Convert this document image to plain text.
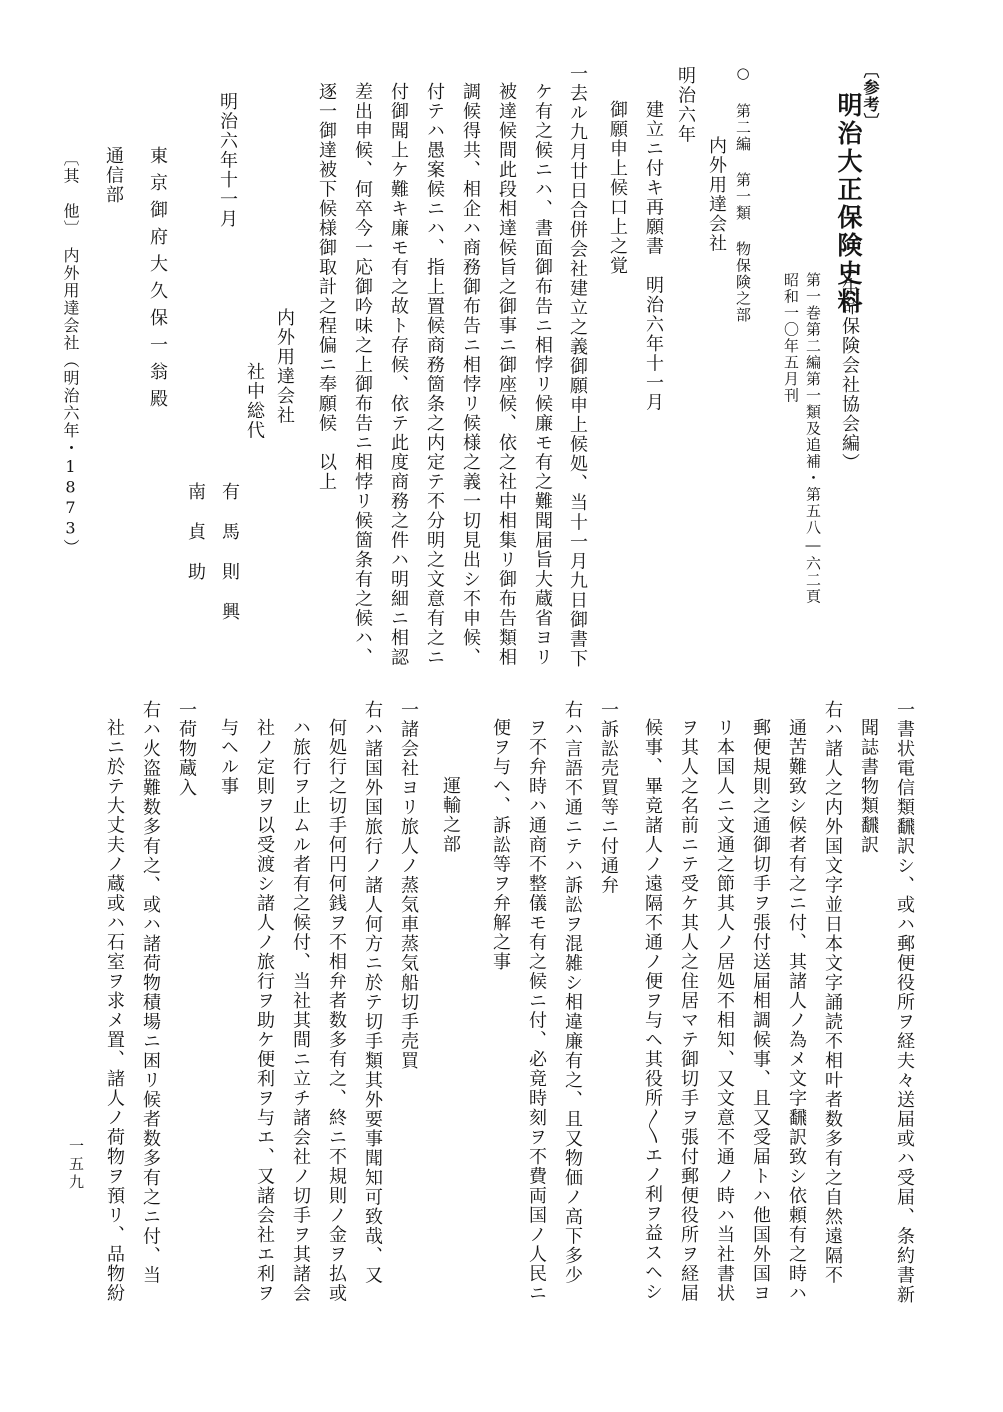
〔参考〕
明治大正保険史料
（生命保険会社協会編）
第一巻第二編第一類及追補・第五八―六二頁
昭和一〇年五月刊
○ 第二編 第一類 物保険之部
内外用達会社
明治六年
建立ニ付キ再願書　明治六年十一月
御願申上候口上之覚
一去ル九月廿日合併会社建立之義御願申上候処、当十一月九日御書下
ケ有之候ニハ、書面御布告ニ相悖リ候廉モ有之難聞届旨大蔵省ヨリ
被達候間此段相達候旨之御事ニ御座候、依之社中相集リ御布告類相
調候得共、相企ハ商務御布告ニ相悖リ候様之義一切見出シ不申候、
付テハ愚案候ニハ、指上置候商務箇条之内定テ不分明之文意有之ニ
付御聞上ケ難キ廉モ有之故ト存候、依テ此度商務之件ハ明細ニ相認
差出申候、何卒今一応御吟味之上御布告ニ相悖リ候箇条有之候ハ、
逐一御達被下候様御取計之程偏ニ奉願候　以上
内外用達会社
社中総代
有馬則興
南貞助
明治六年十一月
東京御府大久保一翁殿
通信部
〔其　他〕　内外用達会社（明治六年・1873）
一書状電信類飜訳シ、或ハ郵便役所ヲ経夫々送届或ハ受届、条約書新
聞誌書物類飜訳
右ハ諸人之内外国文字並日本文字誦読不相叶者数多有之自然遠隔不
通苦難致シ候者有之ニ付、其諸人ノ為メ文字飜訳致シ依頼有之時ハ
郵便規則之通御切手ヲ張付送届相調候事、且又受届トハ他国外国ヨ
リ本国人ニ文通之節其人ノ居処不相知、又文意不通ノ時ハ当社書状
ヲ其人之名前ニテ受ケ其人之住居マテ御切手ヲ張付郵便役所ヲ経届
候事、畢竟諸人ノ遠隔不通ノ便ヲ与ヘ其役所〳〵エノ利ヲ益スヘシ
一訴訟売買等ニ付通弁
右ハ言語不通ニテハ訴訟ヲ混雑シ相違廉有之、且又物価ノ高下多少
ヲ不弁時ハ通商不整儀モ有之候ニ付、必竟時刻ヲ不費両国ノ人民ニ
便ヲ与ヘ、訴訟等ヲ弁解之事
運輸之部
一諸会社ヨリ旅人ノ蒸気車蒸気船切手売買
右ハ諸国外国旅行ノ諸人何方ニ於テ切手類其外要事聞知可致哉、又
何処行之切手何円何銭ヲ不相弁者数多有之、終ニ不規則ノ金ヲ払或
ハ旅行ヲ止ムル者有之候付、当社其間ニ立チ諸会社ノ切手ヲ其諸会
社ノ定則ヲ以受渡シ諸人ノ旅行ヲ助ケ便利ヲ与エ、又諸会社エ利ヲ
与ヘル事
一荷物蔵入
右ハ火盗難数多有之、或ハ諸荷物積場ニ困リ候者数多有之ニ付、当
社ニ於テ大丈夫ノ蔵或ハ石室ヲ求メ置、諸人ノ荷物ヲ預リ、品物紛
一五九
